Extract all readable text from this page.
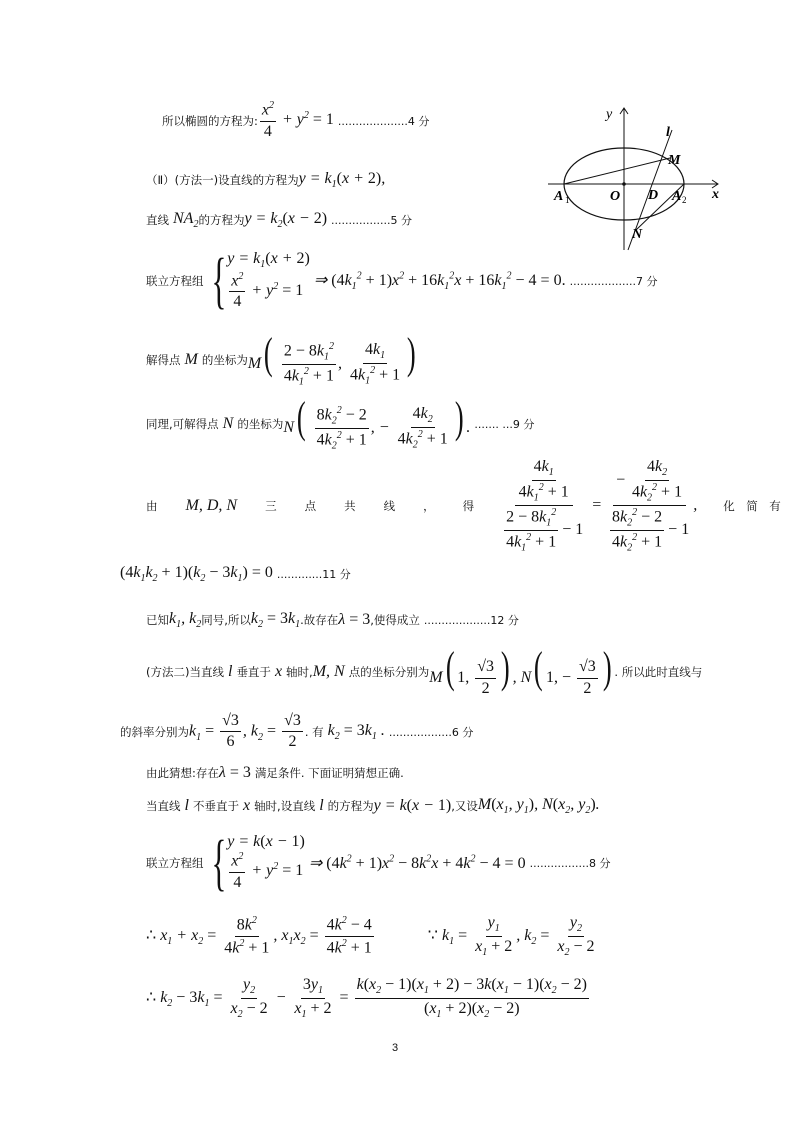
所以椭圆的方程为: $\frac{x^2}{4} + y^2 = 1$ ....................4 分
（Ⅱ）(方法一)设直线的方程为 $y = k_1(x + 2)$,
直线 $NA_2$ 的方程为 $y = k_2(x - 2)$ .................5 分
联立方程组 { $y = k_1(x + 2)$
$\frac{x^2}{4} + y^2 = 1$
⇒ $(4k_1^2 + 1)x^2 + 16k_1^2x + 16k_1^2 - 4 = 0$. ...................7 分
解得点 M 的坐标为 $M( \frac{2 - 8k_1^2}{4k_1^2 + 1}$ , $\frac{4k_1}{4k_1^2 + 1}$ )
同理,可解得点 N 的坐标为 $N( \frac{8k_2^2 - 2}{4k_2^2 + 1}$ , − $\frac{4k_2}{4k_2^2 + 1}$ ) . ....... ...9 分
由 M, D, N 三 点 共 线 ， 得 $\frac{\frac{4k_1}{4k_1^2 + 1}}{\frac{2 - 8k_1^2}{4k_1^2 + 1} - 1} = \frac{- \frac{4k_2}{4k_2^2 + 1}}{\frac{8k_2^2 - 2}{4k_2^2 + 1} - 1}$ , 化　简　有
$(4k_1k_2 + 1)(k_2 - 3k_1) = 0$ .............11 分
已知 $k_1$, $k_2$ 同号,所以 $k_2 = 3k_1$ .故存在 λ = 3 ,使得成立 ...................12 分
(方法二)当直线 l 垂直于 x 轴时, M, N 点的坐标分别为 M( 1, $\frac{√3}{2}$ ) , N( 1, − $\frac{√3}{2}$ ) . 所以此时直线与
的斜率分别为 $k_1 = \frac{√3}{6}$ , $k_2 = \frac{√3}{2}$ . 有 $k_2 = 3k_1$ . ..................6 分
由此猜想:存在 λ = 3 满足条件. 下面证明猜想正确.
当直线 l 不垂直于 x 轴时,设直线 l 的方程为 y = k(x − 1) ,又设 $M(x_1$, $y_1$), $N(x_2$, $y_2$).
联立方程组 { y = k(x − 1)
$\frac{x^2}{4} + y^2 = 1$ ⇒ $(4k^2 + 1)x^2 - 8k^2x + 4k^2 - 4 = 0$ .................8 分
∴ $x_1 + x_2 = \frac{8k^2}{4k^2 + 1}$ , $x_1x_2 = \frac{4k^2 - 4}{4k^2 + 1}$	∵ $k_1 = \frac{y_1}{x_1 + 2}$ , $k_2 = \frac{y_2}{x_2 - 2}$
∴ $k_2 - 3k_1 = \frac{y_2}{x_2 - 2} - \frac{3y_1}{x_1 + 2} = \frac{k(x_2 - 1)(x_1 + 2) - 3k(x_1 - 1)(x_2 - 2)}{(x_1 + 2)(x_2 - 2)}$
y
x
l
M
A 1	O D A 2
N
3
